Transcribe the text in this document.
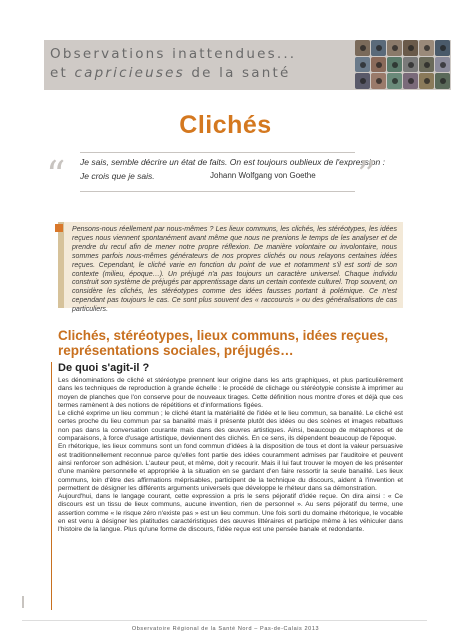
Observations inattendues...
et capricieuses de la santé
Clichés
“ Je sais, semble décrire un état de faits. On est toujours oublieux de l'expression :
Je crois que je sais.	Johann Wolfgang von Goethe ”

Pensons-nous réellement par nous-mêmes ? Les lieux communs, les clichés, les stéréotypes, les idées reçues nous viennent spontanément avant même que nous ne prenions le temps de les analyser et de prendre du recul afin de mener notre propre réflexion. De manière volontaire ou involontaire, nous sommes parfois nous-mêmes générateurs de nos propres clichés ou nous relayons certaines idées reçues. Cependant, le cliché varie en fonction du point de vue et notamment s'il est sorti de son contexte (milieu, époque…). Un préjugé n'a pas toujours un caractère universel. Chaque individu construit son système de préjugés par apprentissage dans un certain contexte culturel. Trop souvent, on considère les clichés, les stéréotypes comme des idées fausses portant à polémique. Ce n'est cependant pas toujours le cas. Ce sont plus souvent des « raccourcis » ou des généralisations de cas particuliers.

Clichés, stéréotypes, lieux communs, idées reçues, représentations sociales, préjugés…
De quoi s'agit-il ?

Les dénominations de cliché et stéréotype prennent leur origine dans les arts graphiques, et plus particulièrement dans les techniques de reproduction à grande échelle : le procédé de clichage ou stéréotypie consiste à imprimer au moyen de planches que l'on conserve pour de nouveaux tirages. Cette définition nous montre d'ores et déjà que ces termes ramènent à des notions de répétitions et d'informations figées.

Le cliché exprime un lieu commun ; le cliché étant la matérialité de l'idée et le lieu commun, sa banalité. Le cliché est certes proche du lieu commun par sa banalité mais il présente plutôt des idées ou des scènes et images rebattues non pas dans la conversation courante mais dans des œuvres artistiques. Ainsi, beaucoup de métaphores et de comparaisons, à force d'usage artistique, deviennent des clichés. En ce sens, ils dépendent beaucoup de l'époque.

En rhétorique, les lieux communs sont un fond commun d'idées à la disposition de tous et dont la valeur persuasive est traditionnellement reconnue parce qu'elles font partie des idées couramment admises par l'auditoire et peuvent ainsi renforcer son adhésion. L'auteur peut, et même, doit y recourir. Mais il lui faut trouver le moyen de les présenter d'une manière personnelle et appropriée à la situation en se gardant d'en faire ressortir la seule banalité. Les lieux communs, loin d'être des affirmations méprisables, participent de la technique du discours, aident à l'invention et permettent de désigner les différents arguments universels que développe le rhéteur dans sa démonstration.

Aujourd'hui, dans le langage courant, cette expression a pris le sens péjoratif d'idée reçue. On dira ainsi : « Ce discours est un tissu de lieux communs, aucune invention, rien de personnel ». Au sens péjoratif du terme, une assertion comme « le risque zéro n'existe pas » est un lieu commun. Une fois sorti du domaine rhétorique, le vocable en est venu à désigner les platitudes caractéristiques des œuvres littéraires et participe même à les véhiculer dans l'histoire de la langue. Plus qu'une forme de discours, l'idée reçue est une pensée banale et redondante.

Observatoire Régional de la Santé Nord – Pas-de-Calais 2013
